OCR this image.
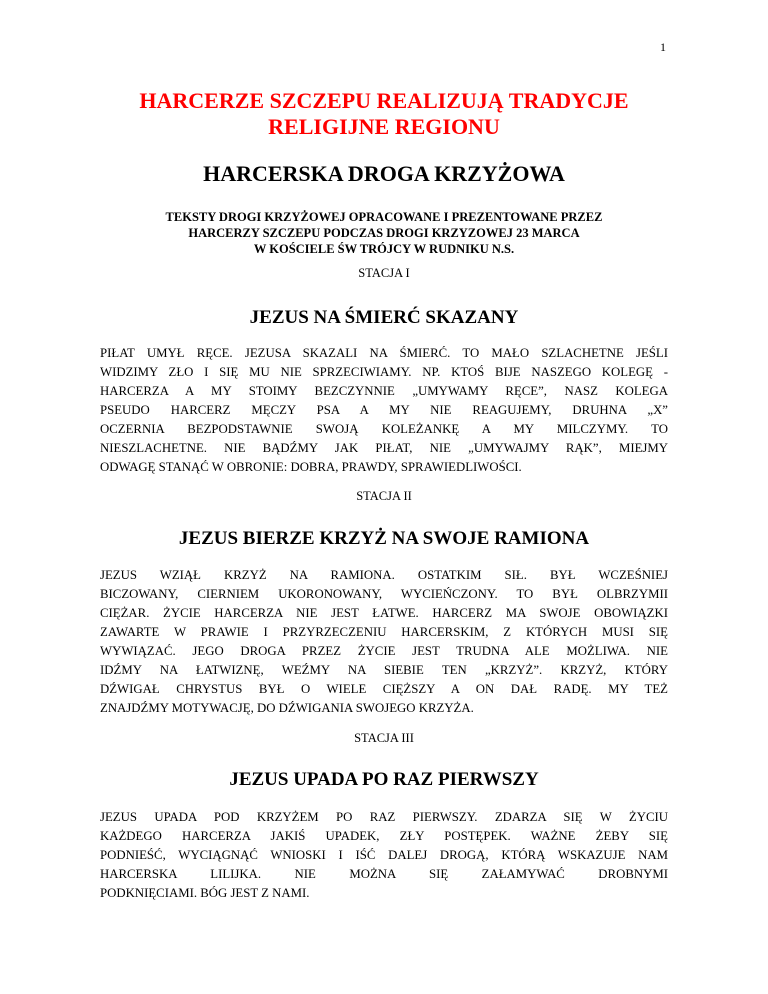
1
HARCERZE SZCZEPU REALIZUJĄ TRADYCJE
RELIGIJNE REGIONU
HARCERSKA DROGA KRZYŻOWA
TEKSTY DROGI KRZYŻOWEJ OPRACOWANE I PREZENTOWANE PRZEZ
HARCERZY SZCZEPU PODCZAS DROGI KRZYZOWEJ 23 MARCA
W KOŚCIELE ŚW TRÓJCY W RUDNIKU N.S.
STACJA I
JEZUS NA ŚMIERĆ SKAZANY
PIŁAT UMYŁ RĘCE. JEZUSA SKAZALI NA ŚMIERĆ. TO MAŁO SZLACHETNE JEŚLI
WIDZIMY ZŁO I SIĘ MU NIE SPRZECIWIAMY. NP. KTOŚ BIJE NASZEGO KOLEGĘ -
HARCERZA A MY STOIMY BEZCZYNNIE „UMYWAMY RĘCE”, NASZ KOLEGA
PSEUDO HARCERZ MĘCZY PSA A MY NIE REAGUJEMY, DRUHNA „X”
OCZERNIA BEZPODSTAWNIE SWOJĄ KOLEŻANKĘ A MY MILCZYMY. TO
NIESZLACHETNE. NIE BĄDŹMY JAK PIŁAT, NIE „UMYWAJMY RĄK”, MIEJMY
ODWAGĘ STANĄĆ W OBRONIE: DOBRA, PRAWDY, SPRAWIEDLIWOŚCI.
STACJA II
JEZUS BIERZE KRZYŻ NA SWOJE RAMIONA
JEZUS WZIĄŁ KRZYŻ NA RAMIONA. OSTATKIM SIŁ. BYŁ WCZEŚNIEJ
BICZOWANY, CIERNIEM UKORONOWANY, WYCIEŃCZONY. TO BYŁ OLBRZYMII
CIĘŻAR. ŻYCIE HARCERZA NIE JEST ŁATWE. HARCERZ MA SWOJE OBOWIĄZKI
ZAWARTE W PRAWIE I PRZYRZECZENIU HARCERSKIM, Z KTÓRYCH MUSI SIĘ
WYWIĄZAĆ. JEGO DROGA PRZEZ ŻYCIE JEST TRUDNA ALE MOŻLIWA. NIE
IDŹMY NA ŁATWIZNĘ, WEŹMY NA SIEBIE TEN „KRZYŻ”. KRZYŻ, KTÓRY
DŹWIGAŁ CHRYSTUS BYŁ O WIELE CIĘŻSZY A ON DAŁ RADĘ. MY TEŻ
ZNAJDŹMY MOTYWACJĘ, DO DŹWIGANIA SWOJEGO KRZYŻA.
STACJA III
JEZUS UPADA PO RAZ PIERWSZY
JEZUS UPADA POD KRZYŻEM PO RAZ PIERWSZY. ZDARZA SIĘ W ŻYCIU
KAŻDEGO HARCERZA JAKIŚ UPADEK, ZŁY POSTĘPEK. WAŻNE ŻEBY SIĘ
PODNIEŚĆ, WYCIĄGNĄĆ WNIOSKI I IŚĆ DALEJ DROGĄ, KTÓRĄ WSKAZUJE NAM
HARCERSKA LILIJKA. NIE MOŻNA SIĘ ZAŁAMYWAĆ DROBNYMI
PODKNIĘCIAMI. BÓG JEST Z NAMI.
